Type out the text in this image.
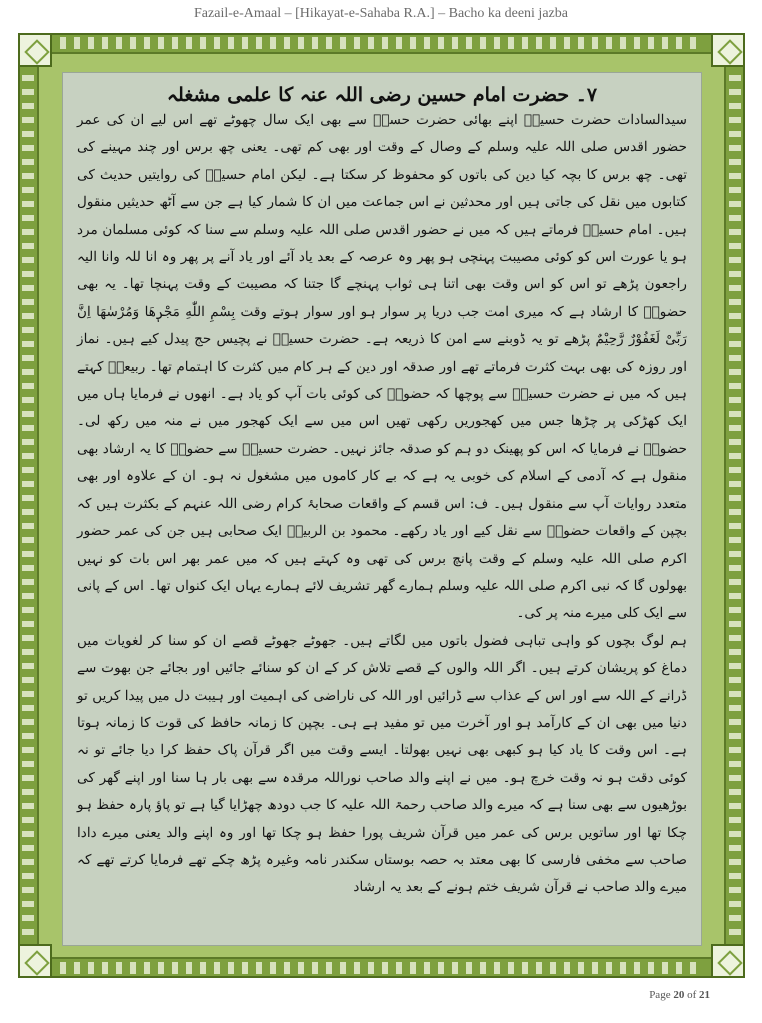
Fazail-e-Amaal – [Hikayat-e-Sahaba R.A.] – Bacho ka deeni jazba
۷۔ حضرت امام حسین رضی اللہ عنہ کا علمی مشغلہ

سیدالسادات حضرت حسینؓ اپنے بھائی حضرت حسنؓ سے بھی ایک سال چھوٹے تھے اس لیے ان کی عمر حضور اقدس صلی اللہ علیہ وسلم کے وصال کے وقت اور بھی کم تھی۔ یعنی چھ برس اور چند مہینے کی تھی۔ چھ برس کا بچہ کیا دین کی باتوں کو محفوظ کر سکتا ہے۔ لیکن امام حسینؓ کی روایتیں حدیث کی کتابوں میں نقل کی جاتی ہیں اور محدثین نے اس جماعت میں ان کا شمار کیا ہے جن سے آٹھ حدیثیں منقول ہیں۔ امام حسینؓ فرماتے ہیں کہ میں نے حضور اقدس صلی اللہ علیہ وسلم سے سنا کہ کوئی مسلمان مرد ہو یا عورت اس کو کوئی مصیبت پہنچی ہو پھر وہ عرصہ کے بعد یاد آئے اور یاد آنے پر پھر وہ انا للہ وانا الیہ راجعون پڑھے تو اس کو اس وقت بھی اتنا ہی ثواب پہنچے گا جتنا کہ مصیبت کے وقت پہنچا تھا۔ یہ بھی حضورؐ کا ارشاد ہے کہ میری امت جب دریا پر سوار ہو اور سوار ہوتے وقت بِسْمِ اللّٰهِ مَجْرٖهَا وَمُرْسٰهَا اِنَّ رَبِّیْ لَغَفُوْرٌ رَّحِیْمٌ پڑھے تو یہ ڈوبنے سے امن کا ذریعہ ہے۔ حضرت حسینؓ نے پچیس حج پیدل کیے ہیں۔ نماز اور روزہ کی بھی بہت کثرت فرماتے تھے اور صدقہ اور دین کے ہر کام میں کثرت کا اہتمام تھا۔ ربیعہؒ کہتے ہیں کہ میں نے حضرت حسینؓ سے پوچھا کہ حضورؐ کی کوئی بات آپ کو یاد ہے۔ انھوں نے فرمایا ہاں میں ایک کھڑکی پر چڑھا جس میں کھجوریں رکھی تھیں اس میں سے ایک کھجور میں نے منہ میں رکھ لی۔ حضورؐ نے فرمایا کہ اس کو پھینک دو ہم کو صدقہ جائز نہیں۔ حضرت حسینؓ سے حضورؐ کا یہ ارشاد بھی منقول ہے کہ آدمی کے اسلام کی خوبی یہ ہے کہ بے کار کاموں میں مشغول نہ ہو۔ ان کے علاوہ اور بھی متعدد روایات آپ سے منقول ہیں۔ ف: اس قسم کے واقعات صحابۂ کرام رضی اللہ عنہم کے بکثرت ہیں کہ بچپن کے واقعات حضورؐ سے نقل کیے اور یاد رکھے۔ محمود بن الربیعؓ ایک صحابی ہیں جن کی عمر حضور اکرم صلی اللہ علیہ وسلم کے وقت پانچ برس کی تھی وہ کہتے ہیں کہ میں عمر بھر اس بات کو نہیں بھولوں گا کہ نبی اکرم صلی اللہ علیہ وسلم ہمارے گھر تشریف لائے ہمارے یہاں ایک کنواں تھا۔ اس کے پانی سے ایک کلی میرے منہ پر کی۔

ہم لوگ بچوں کو واہی تباہی فضول باتوں میں لگاتے ہیں۔ جھوٹے جھوٹے قصے ان کو سنا کر لغویات میں دماغ کو پریشان کرتے ہیں۔ اگر اللہ والوں کے قصے تلاش کر کے ان کو سنائے جائیں اور بجائے جن بھوت سے ڈرانے کے اللہ سے اور اس کے عذاب سے ڈرائیں اور اللہ کی ناراضی کی اہمیت اور ہیبت دل میں پیدا کریں تو دنیا میں بھی ان کے کارآمد ہو اور آخرت میں تو مفید ہے ہی۔ بچپن کا زمانہ حافظ کی قوت کا زمانہ ہوتا ہے۔ اس وقت کا یاد کیا ہو کبھی بھی نہیں بھولتا۔ ایسے وقت میں اگر قرآن پاک حفظ کرا دیا جائے تو نہ کوئی دقت ہو نہ وقت خرچ ہو۔ میں نے اپنے والد صاحب نوراللہ مرقدہ سے بھی بار ہا سنا اور اپنے گھر کی بوڑھیوں سے بھی سنا ہے کہ میرے والد صاحب رحمۃ اللہ علیہ کا جب دودھ چھڑایا گیا ہے تو پاؤ پارہ حفظ ہو چکا تھا اور ساتویں برس کی عمر میں قرآن شریف پورا حفظ ہو چکا تھا اور وہ اپنے والد یعنی میرے دادا صاحب سے مخفی فارسی کا بھی معتد بہ حصہ بوستاں سکندر نامہ وغیرہ پڑھ چکے تھے فرمایا کرتے تھے کہ میرے والد صاحب نے قرآن شریف ختم ہونے کے بعد یہ ارشاد

Page 20 of 21
